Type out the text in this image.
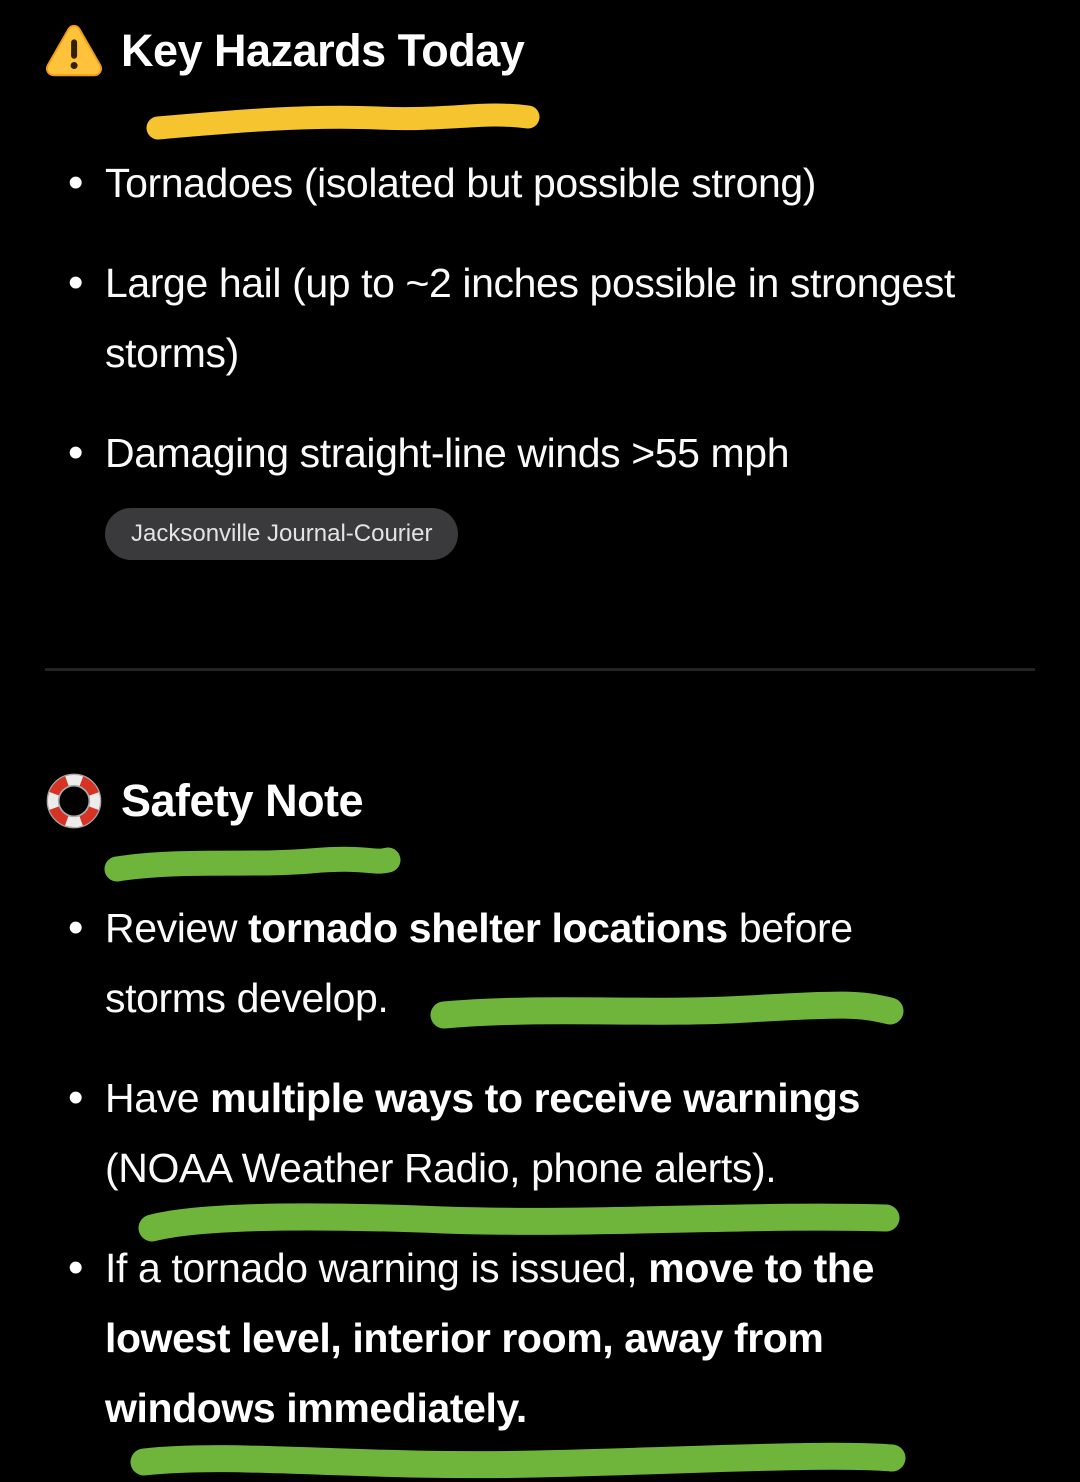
Key Hazards Today
• Tornadoes (isolated but possible strong)
• Large hail (up to ~2 inches possible in strongest storms)
• Damaging straight-line winds >55 mph
Jacksonville Journal-Courier
Safety Note
• Review tornado shelter locations before storms develop.
• Have multiple ways to receive warnings (NOAA Weather Radio, phone alerts).
• If a tornado warning is issued, move to the lowest level, interior room, away from windows immediately.
